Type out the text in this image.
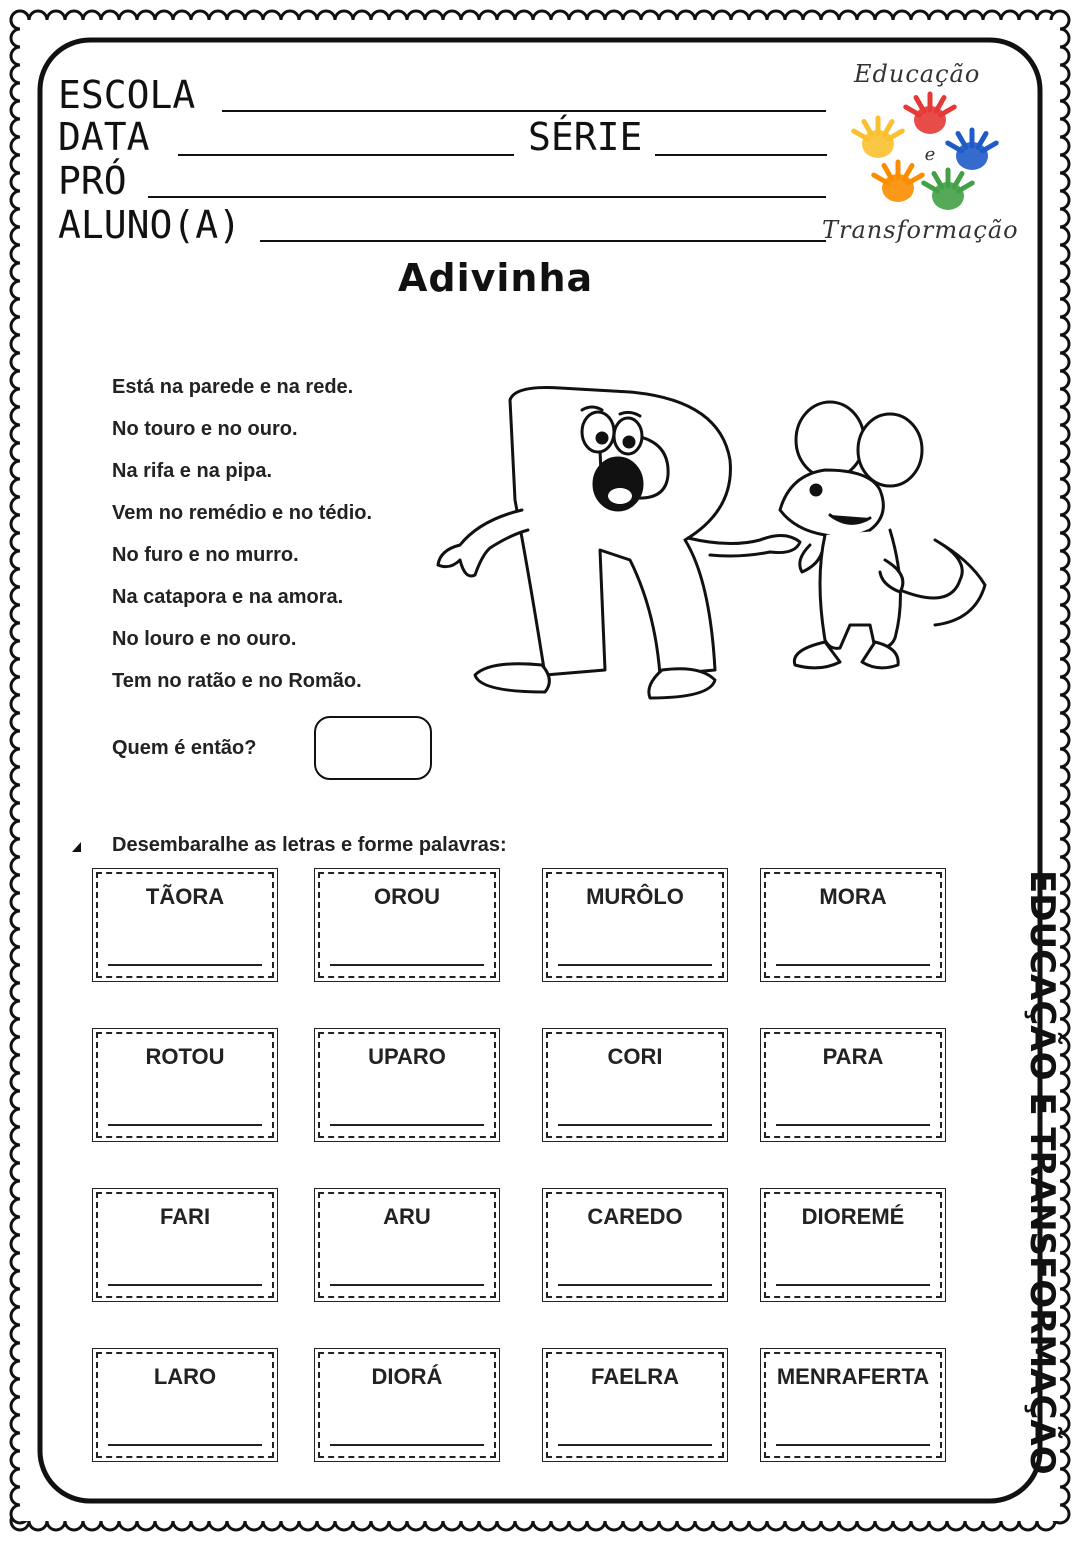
ESCOLA
DATA	SÉRIE
PRÓ
ALUNO(A)
Educação
e
Transformação
Adivinha
Está na parede e na rede.
No touro e no ouro.
Na rifa e na pipa.
Vem no remédio e no tédio.
No furo e no murro.
Na catapora e na amora.
No louro e no ouro.
Tem no ratão e no Romão.
Quem é então?
Desembaralhe as letras e forme palavras:
TÃORA	OROU	MURÔLO	MORA
ROTOU	UPARO	CORI	PARA
FARI	ARU	CAREDO	DIOREMÉ
LARO	DIORÁ	FAELRA	MENRAFERTA	EDUCAÇÃO E TRANSFORMAÇÃO
